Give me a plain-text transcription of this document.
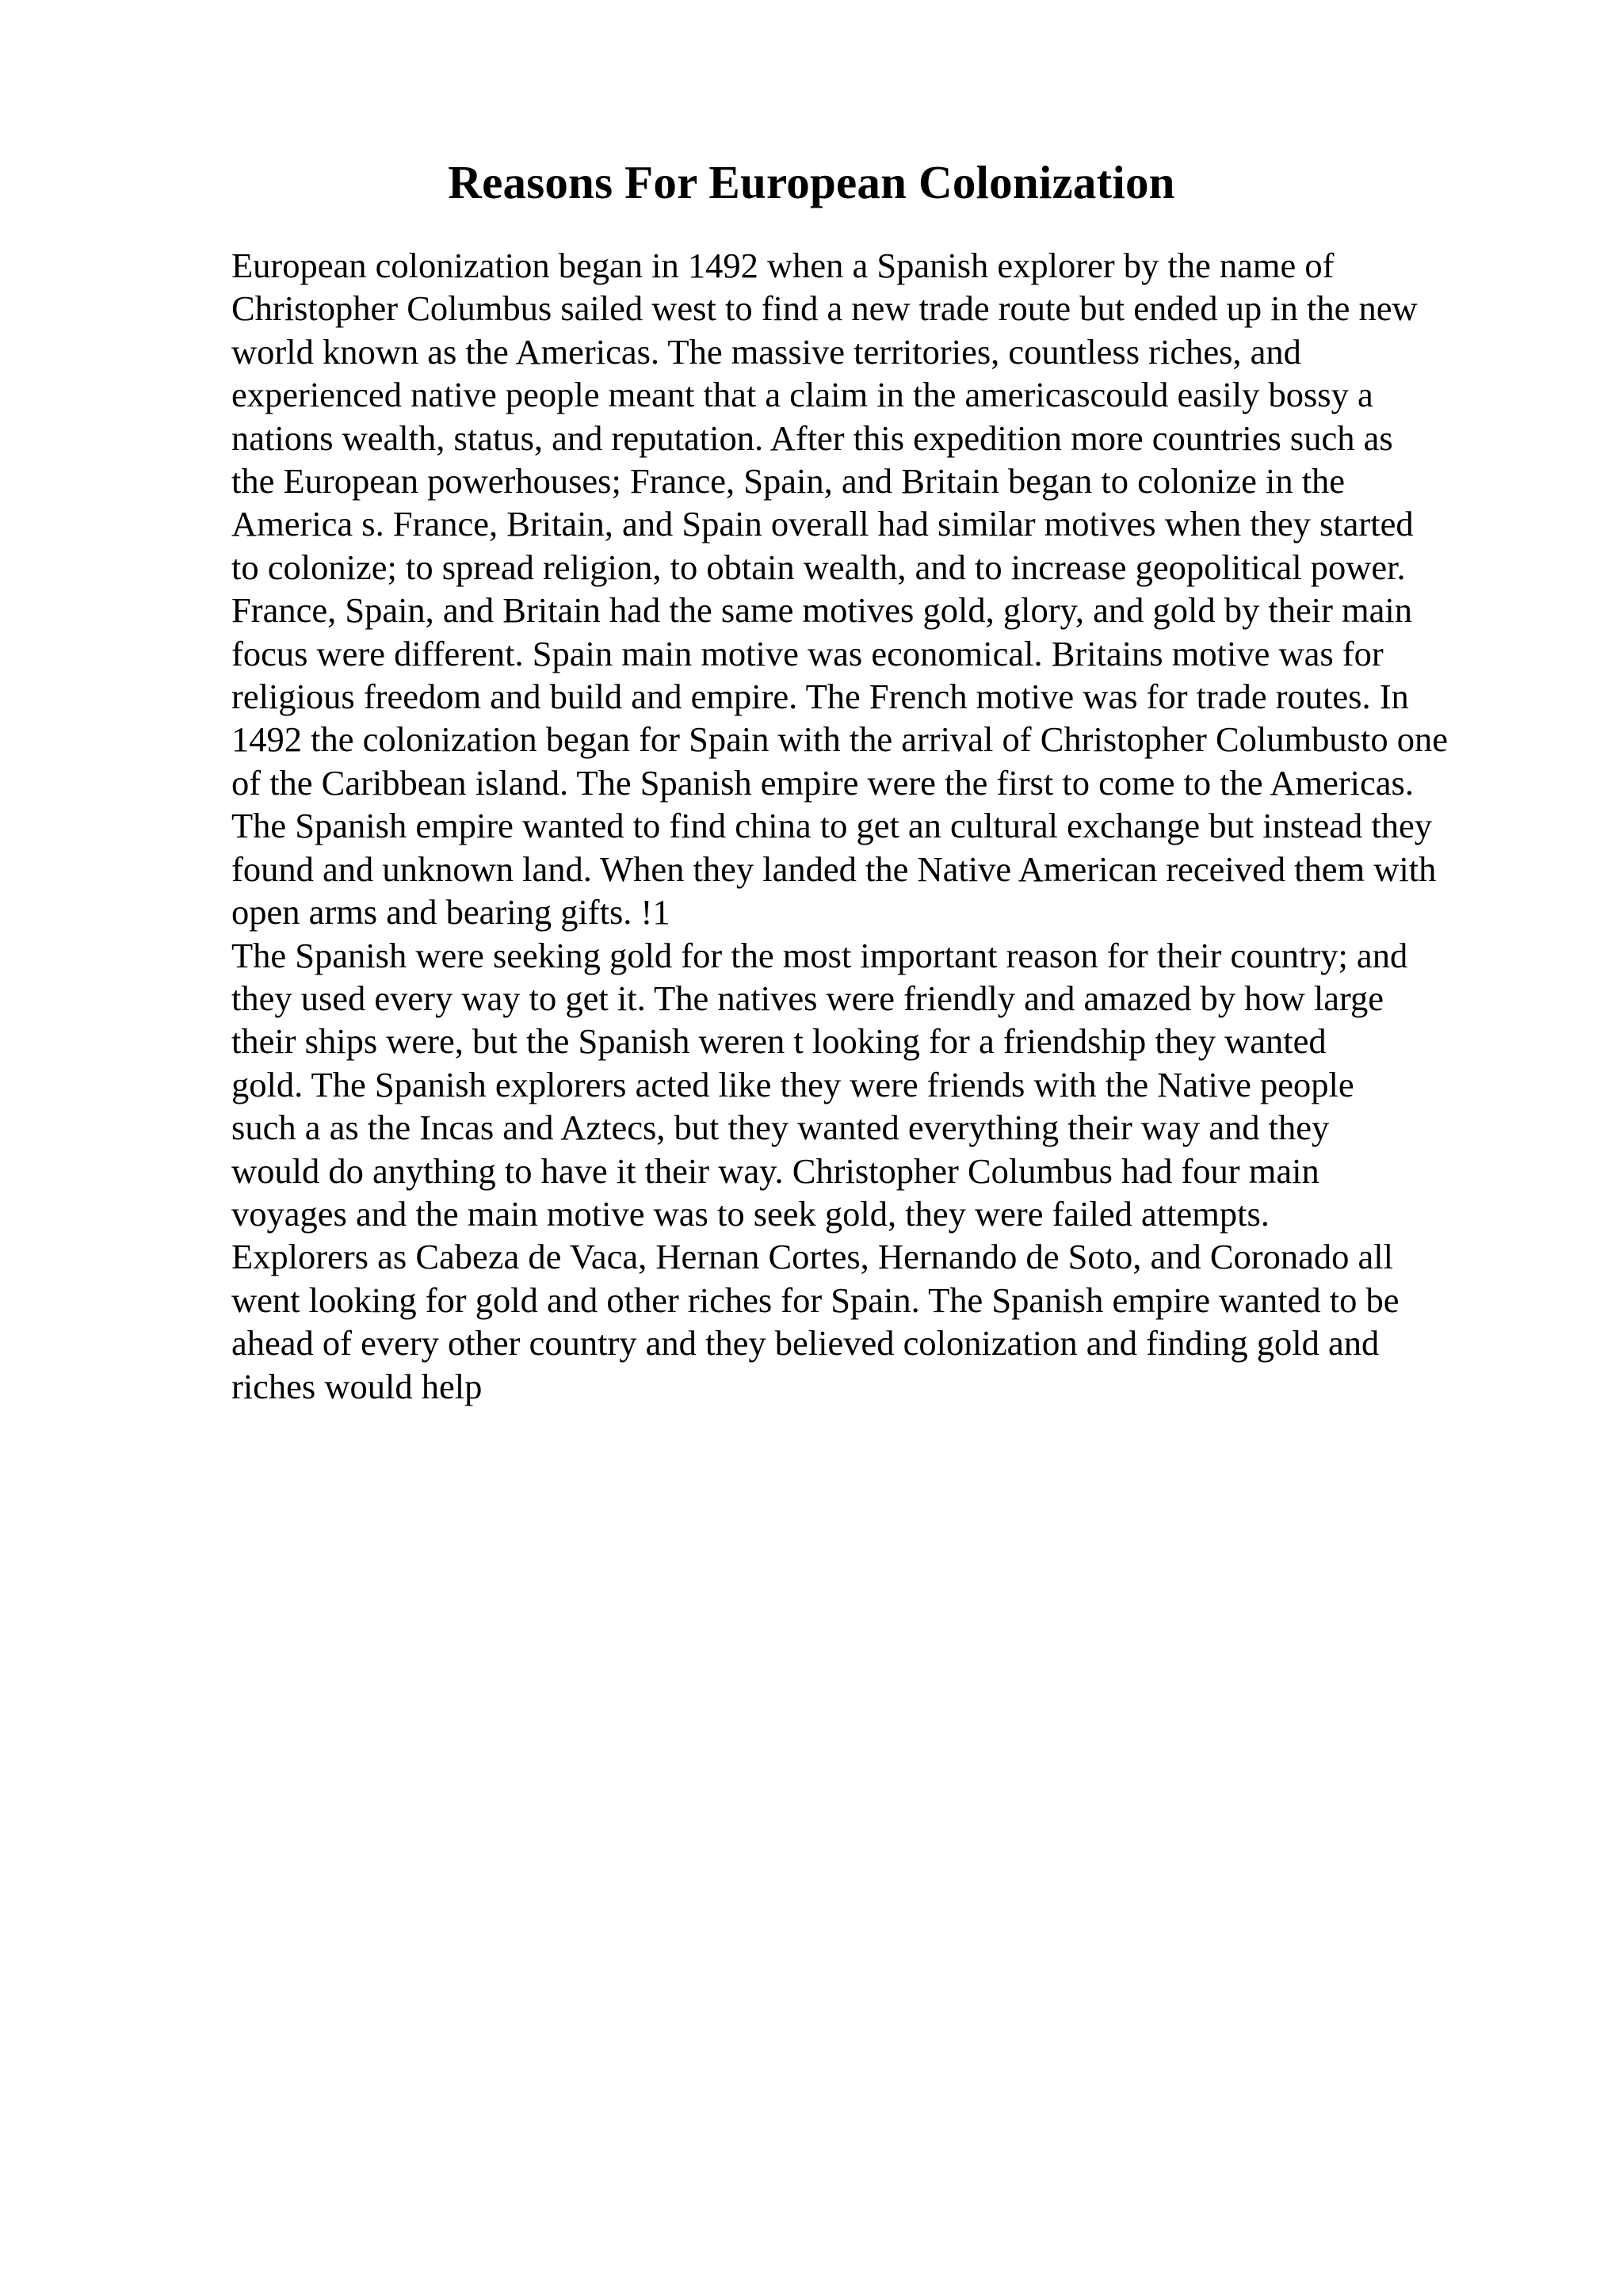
Reasons For European Colonization
European colonization began in 1492 when a Spanish explorer by the name of
Christopher Columbus sailed west to find a new trade route but ended up in the new
world known as the Americas. The massive territories, countless riches, and
experienced native people meant that a claim in the americascould easily bossy a
nations wealth, status, and reputation. After this expedition more countries such as
the European powerhouses; France, Spain, and Britain began to colonize in the
America s. France, Britain, and Spain overall had similar motives when they started
to colonize; to spread religion, to obtain wealth, and to increase geopolitical power.
France, Spain, and Britain had the same motives gold, glory, and gold by their main
focus were different. Spain main motive was economical. Britains motive was for
religious freedom and build and empire. The French motive was for trade routes. In
1492 the colonization began for Spain with the arrival of Christopher Columbusto one
of the Caribbean island. The Spanish empire were the first to come to the Americas.
The Spanish empire wanted to find china to get an cultural exchange but instead they
found and unknown land. When they landed the Native American received them with
open arms and bearing gifts. !1
The Spanish were seeking gold for the most important reason for their country; and
they used every way to get it. The natives were friendly and amazed by how large
their ships were, but the Spanish weren t looking for a friendship they wanted
gold. The Spanish explorers acted like they were friends with the Native people
such a as the Incas and Aztecs, but they wanted everything their way and they
would do anything to have it their way. Christopher Columbus had four main
voyages and the main motive was to seek gold, they were failed attempts.
Explorers as Cabeza de Vaca, Hernan Cortes, Hernando de Soto, and Coronado all
went looking for gold and other riches for Spain. The Spanish empire wanted to be
ahead of every other country and they believed colonization and finding gold and
riches would help
